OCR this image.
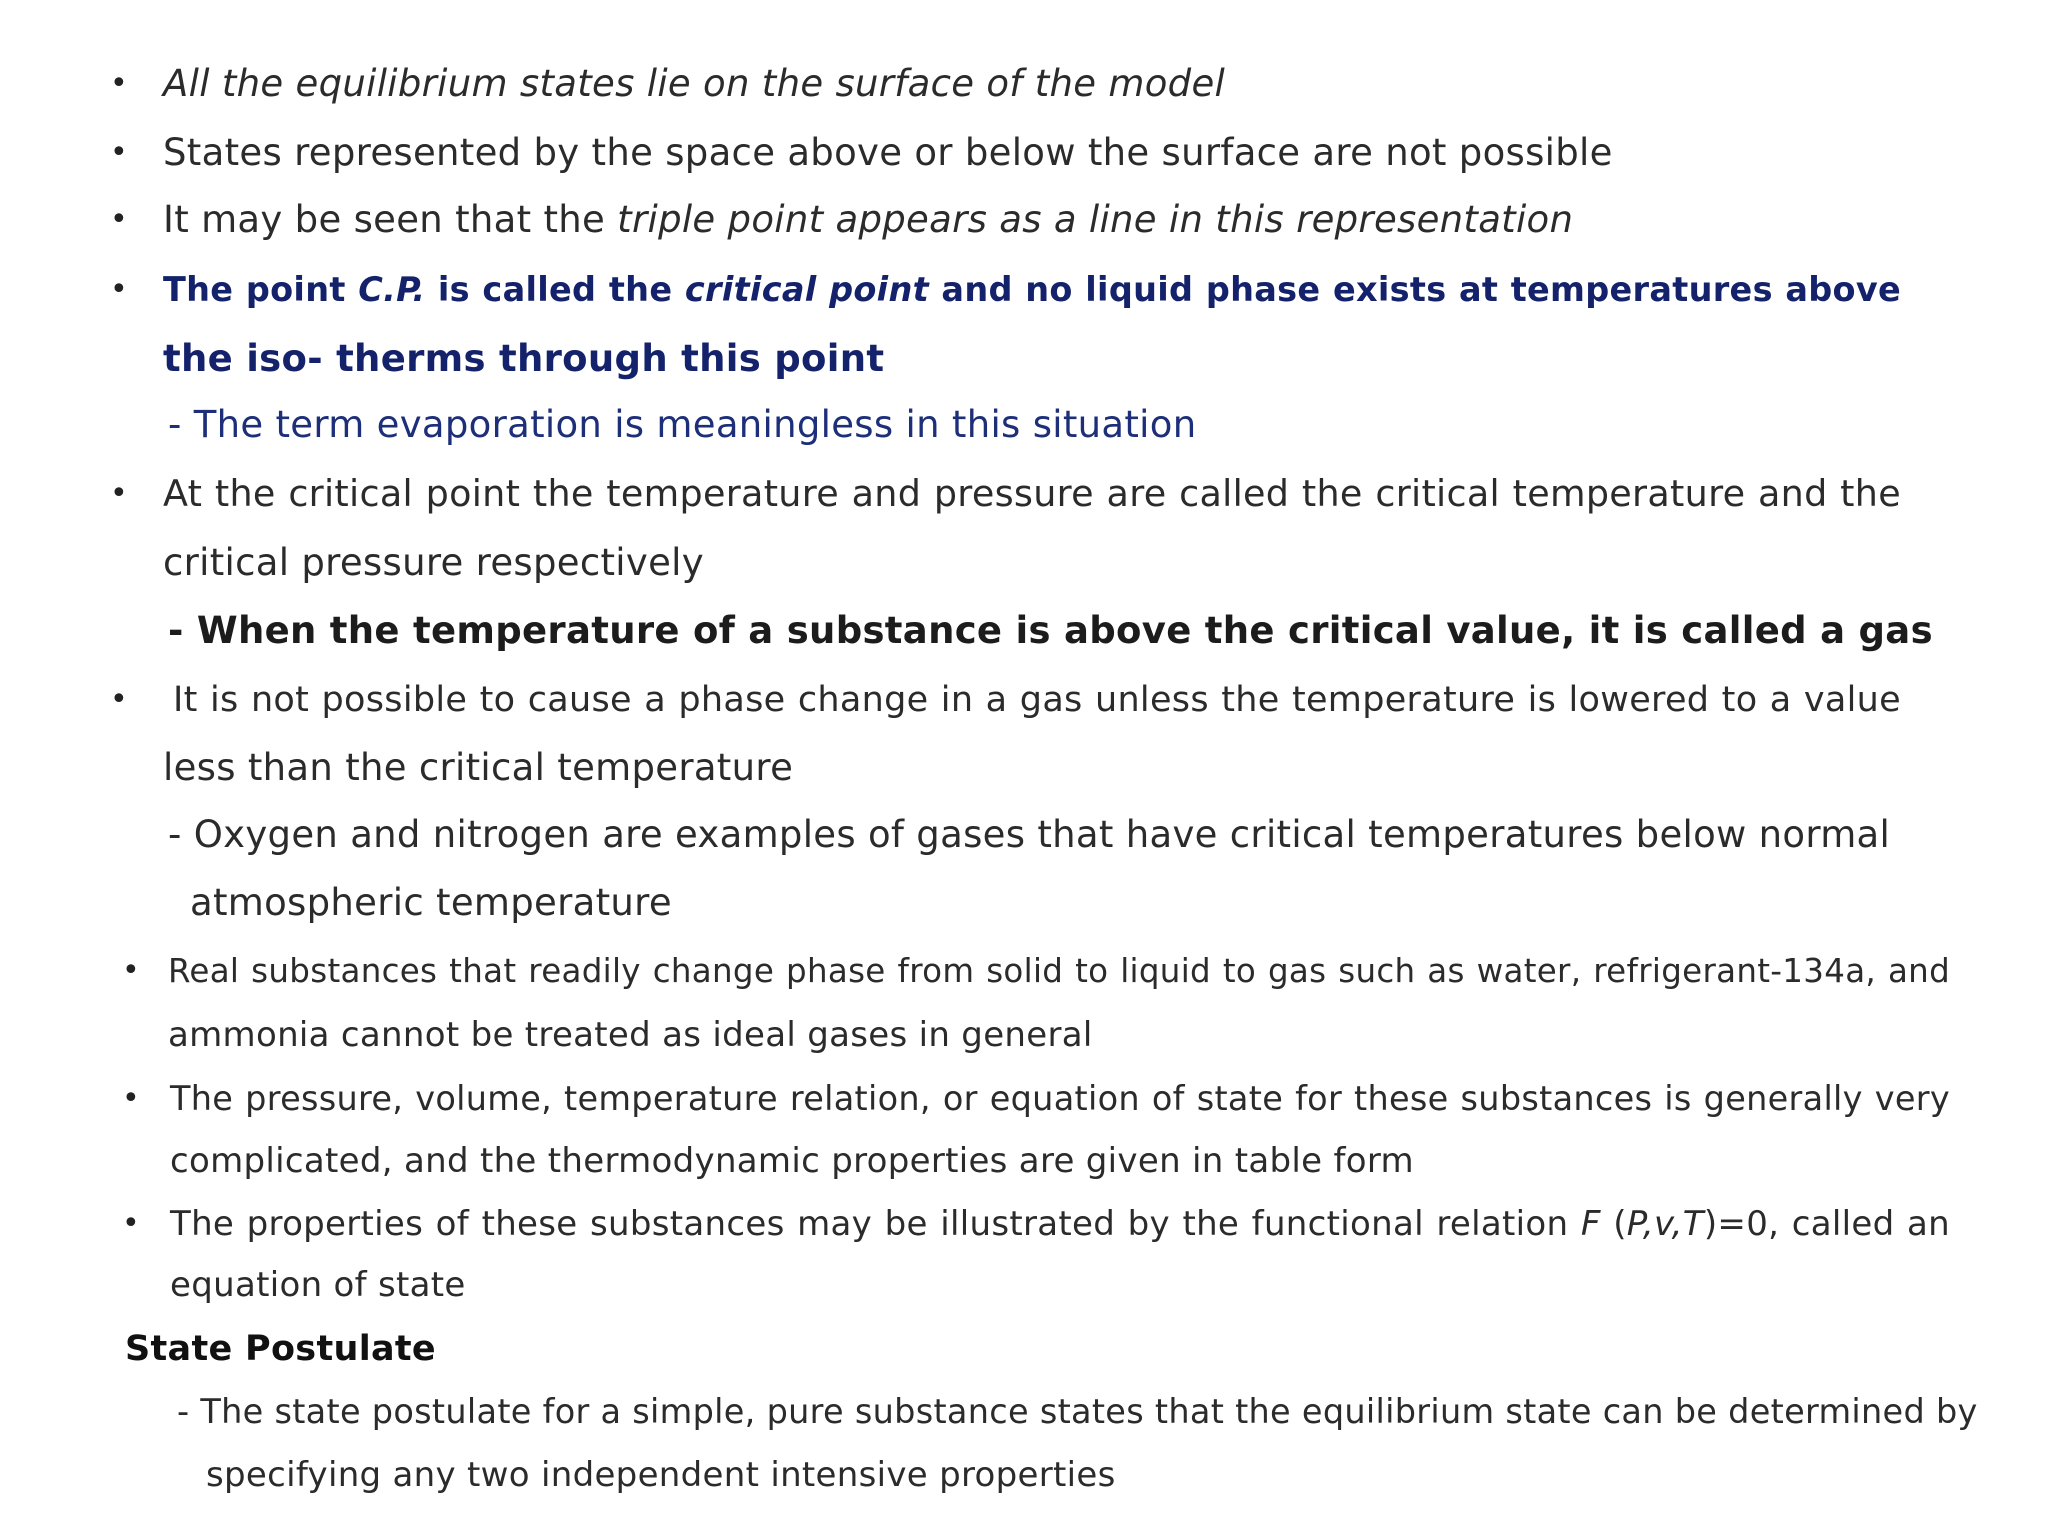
• All the equilibrium states lie on the surface of the model
• States represented by the space above or below the surface are not possible
• It may be seen that the triple point appears as a line in this representation
• The point C.P. is called the critical point and no liquid phase exists at temperatures above
the iso- therms through this point
- The term evaporation is meaningless in this situation
• At the critical point the temperature and pressure are called the critical temperature and the
critical pressure respectively
- When the temperature of a substance is above the critical value, it is called a gas
• It is not possible to cause a phase change in a gas unless the temperature is lowered to a value
less than the critical temperature
- Oxygen and nitrogen are examples of gases that have critical temperatures below normal
atmospheric temperature
• Real substances that readily change phase from solid to liquid to gas such as water, refrigerant-134a, and
ammonia cannot be treated as ideal gases in general
• The pressure, volume, temperature relation, or equation of state for these substances is generally very
complicated, and the thermodynamic properties are given in table form
• The properties of these substances may be illustrated by the functional relation F (P,v,T)=0, called an
equation of state
State Postulate
- The state postulate for a simple, pure substance states that the equilibrium state can be determined by
specifying any two independent intensive properties
